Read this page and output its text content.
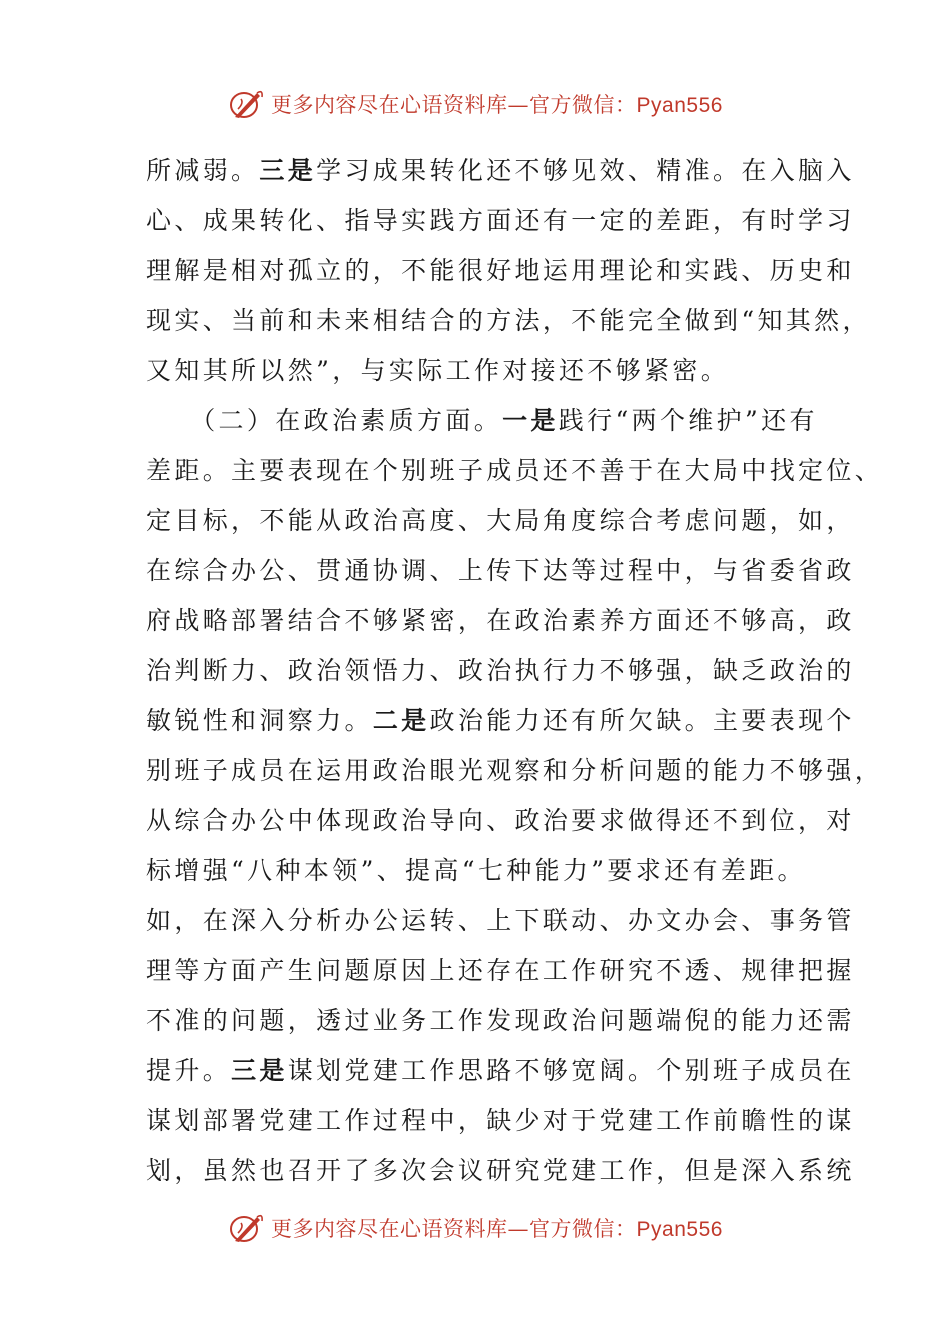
更多内容尽在心语资料库—官方微信：Pyan556
所减弱。三是学习成果转化还不够见效、精准。在入脑入
心、成果转化、指导实践方面还有一定的差距，有时学习
理解是相对孤立的，不能很好地运用理论和实践、历史和
现实、当前和未来相结合的方法，不能完全做到“知其然，
又知其所以然”，与实际工作对接还不够紧密。
　　（二）在政治素质方面。一是践行“两个维护”还有
差距。主要表现在个别班子成员还不善于在大局中找定位、
定目标，不能从政治高度、大局角度综合考虑问题，如，
在综合办公、贯通协调、上传下达等过程中，与省委省政
府战略部署结合不够紧密，在政治素养方面还不够高，政
治判断力、政治领悟力、政治执行力不够强，缺乏政治的
敏锐性和洞察力。二是政治能力还有所欠缺。主要表现个
别班子成员在运用政治眼光观察和分析问题的能力不够强，
从综合办公中体现政治导向、政治要求做得还不到位，对
标增强“八种本领”、提高“七种能力”要求还有差距。
如，在深入分析办公运转、上下联动、办文办会、事务管
理等方面产生问题原因上还存在工作研究不透、规律把握
不准的问题，透过业务工作发现政治问题端倪的能力还需
提升。三是谋划党建工作思路不够宽阔。个别班子成员在
谋划部署党建工作过程中，缺少对于党建工作前瞻性的谋
划，虽然也召开了多次会议研究党建工作，但是深入系统
更多内容尽在心语资料库—官方微信：Pyan556
